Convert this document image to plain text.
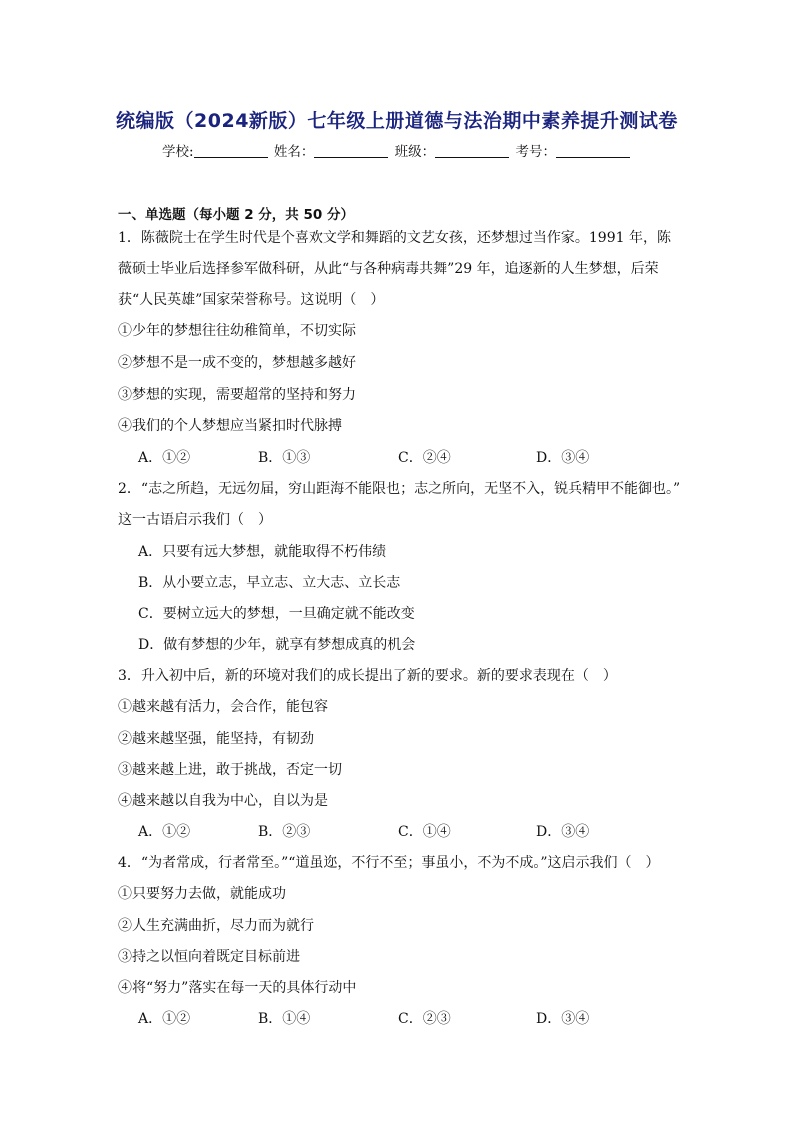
统编版（2024新版）七年级上册道德与法治期中素养提升测试卷
学校:	姓名：	班级：	考号：
一、单选题（每小题 2 分，共 50 分）
1．陈薇院士在学生时代是个喜欢文学和舞蹈的文艺女孩，还梦想过当作家。1991 年，陈薇硕士毕业后选择参军做科研，从此“与各种病毒共舞”29 年，追逐新的人生梦想，后荣获“人民英雄”国家荣誉称号。这说明（　）
①少年的梦想往往幼稚简单，不切实际
②梦想不是一成不变的，梦想越多越好
③梦想的实现，需要超常的坚持和努力
④我们的个人梦想应当紧扣时代脉搏
A．①②	B．①③	C．②④	D．③④
2．“志之所趋，无远勿届，穷山距海不能限也；志之所向，无坚不入，锐兵精甲不能御也。”
这一古语启示我们（　）
A．只要有远大梦想，就能取得不朽伟绩
B．从小要立志，早立志、立大志、立长志
C．要树立远大的梦想，一旦确定就不能改变
D．做有梦想的少年，就享有梦想成真的机会
3．升入初中后，新的环境对我们的成长提出了新的要求。新的要求表现在（　）
①越来越有活力，会合作，能包容
②越来越坚强，能坚持，有韧劲
③越来越上进，敢于挑战，否定一切
④越来越以自我为中心，自以为是
A．①②	B．②③	C．①④	D．③④
4．“为者常成，行者常至。”“道虽迩，不行不至；事虽小，不为不成。”这启示我们（　）
①只要努力去做，就能成功
②人生充满曲折，尽力而为就行
③持之以恒向着既定目标前进
④将“努力”落实在每一天的具体行动中
A．①②	B．①④	C．②③	D．③④
